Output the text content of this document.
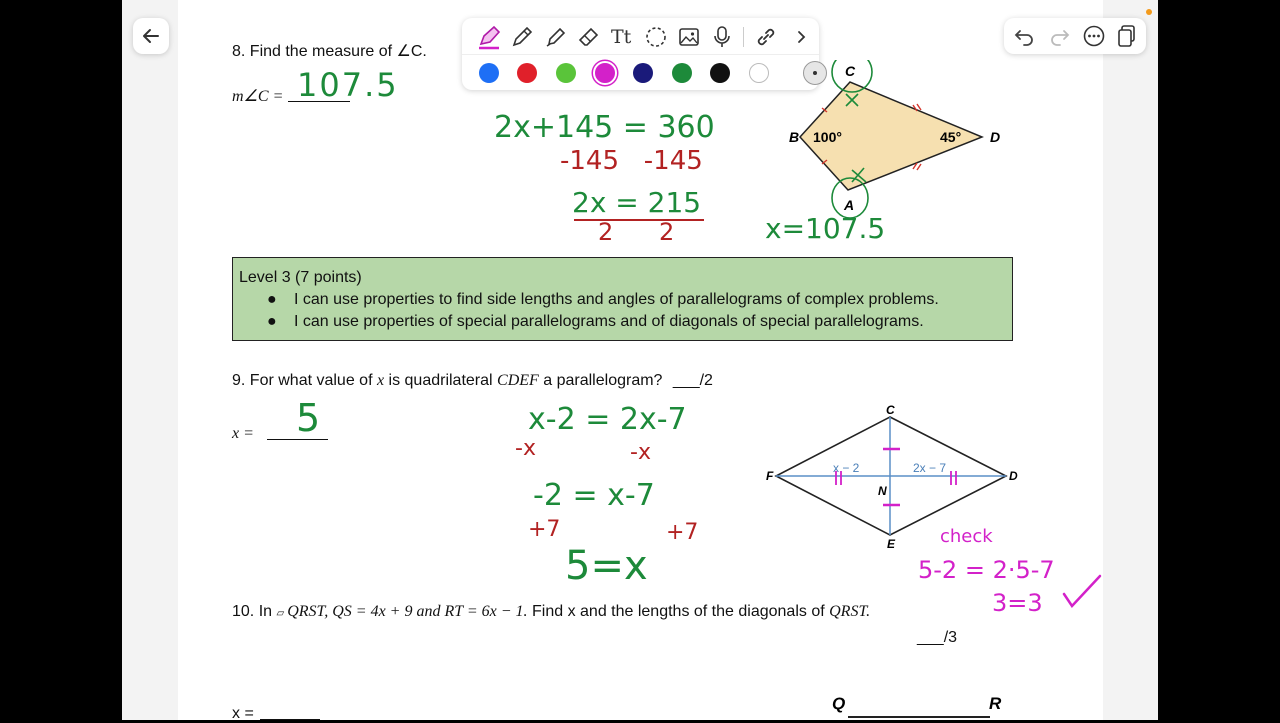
Tt
8. Find the measure of ∠C.
m∠C = 107.5	C
B	D
A
100°	45°
2x+145 = 360
-145   -145
2x = 215
2      2	x=107.5
Level 3 (7 points)
● I can use properties to find side lengths and angles of parallelograms of complex problems.
● I can use properties of special parallelograms and of diagonals of special parallelograms.
9. For what value of x is quadrilateral CDEF a parallelogram? ___/2
x = 5	C
D
E
F
N
x − 2	2x − 7
x-2 = 2x-7
-x	-x
-2 = x-7
+7	+7
5=x
check
5-2 = 2·5-7
3=3
10. In ▱ QRST, QS = 4x + 9 and RT = 6x − 1. Find x and the lengths of the diagonals of QRST.
___/3
x =
Q	R
